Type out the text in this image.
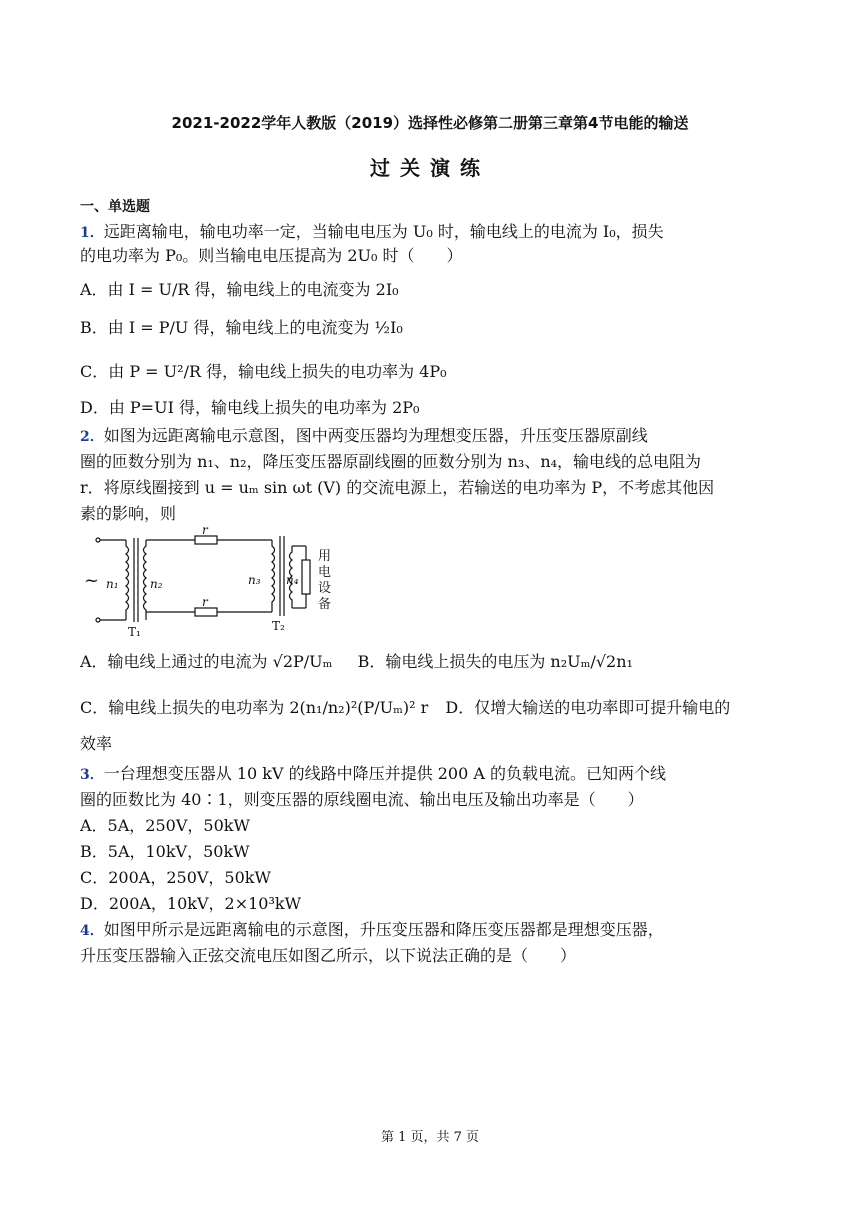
2021-2022学年人教版（2019）选择性必修第二册第三章第4节电能的输送
过关演练
一、单选题
1．远距离输电，输电功率一定，当输电电压为 U₀ 时，输电线上的电流为 I₀，损失
的电功率为 P₀。则当输电电压提高为 2U₀ 时（　　）
A．由 I = U/R 得，输电线上的电流变为 2I₀
B．由 I = P/U 得，输电线上的电流变为 ½I₀
C．由 P = U²/R 得，输电线上损失的电功率为 4P₀
D．由 P=UI 得，输电线上损失的电功率为 2P₀
2．如图为远距离输电示意图，图中两变压器均为理想变压器，升压变压器原副线
圈的匝数分别为 n₁、n₂，降压变压器原副线圈的匝数分别为 n₃、n₄，输电线的总电阻为
r．将原线圈接到 u = uₘ sin ωt (V) 的交流电源上，若输送的电功率为 P，不考虑其他因
素的影响，则
~ n₁	n₂
r
r
n₃ n₄
T₁	T₂
用
电
设
备
A．输电线上通过的电流为 √2P/Uₘ B．输电线上损失的电压为 n₂Uₘ/√2n₁
C．输电线上损失的电功率为 2(n₁/n₂)²(P/Uₘ)² r D．仅增大输送的电功率即可提升输电的
效率
3．一台理想变压器从 10 kV 的线路中降压并提供 200 A 的负载电流。已知两个线
圈的匝数比为 40∶1，则变压器的原线圈电流、输出电压及输出功率是（　　）
A．5A，250V，50kW
B．5A，10kV，50kW
C．200A，250V，50kW
D．200A，10kV，2×10³kW
4．如图甲所示是远距离输电的示意图，升压变压器和降压变压器都是理想变压器，
升压变压器输入正弦交流电压如图乙所示，以下说法正确的是（　　）
第 1 页，共 7 页
